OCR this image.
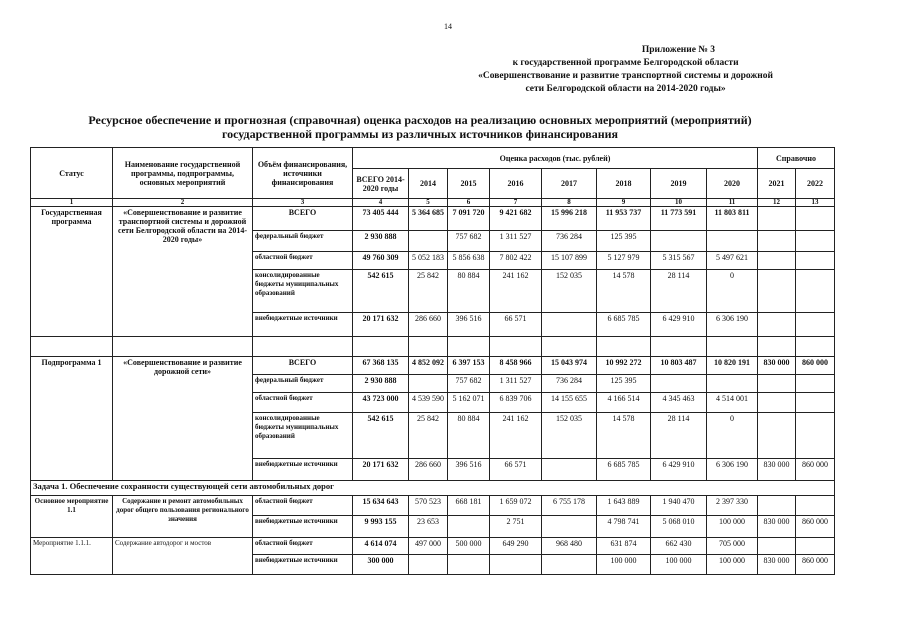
14
Приложение № 3
к государственной программе Белгородской области
«Совершенствование и развитие транспортной системы и дорожной
сети Белгородской области на 2014-2020 годы»
Ресурсное обеспечение и прогнозная (справочная) оценка расходов на реализацию основных мероприятий (мероприятий)
государственной программы из различных источников финансирования
Статус	Наименование государственной программы, подпрограммы, основных мероприятий	Объём финансирования, источники финансирования	Оценка расходов (тыс. рублей)								Справочно	
			ВСЕГО 2014-2020 годы	2014	2015	2016	2017	2018	2019	2020	2021	2022
1	2	3	4	5	6	7	8	9	10	11	12	13
Государственная программа	«Совершенствование и развитие транспортной системы и дорожной сети Белгородской области на 2014-2020 годы»	ВСЕГО	73 405 444	5 364 685	7 091 720	9 421 682	15 996 218	11 953 737	11 773 591	11 803 811		
		федеральный бюджет	2 930 888		757 682	1 311 527	736 284	125 395				
		областной бюджет	49 760 309	5 052 183	5 856 638	7 802 422	15 107 899	5 127 979	5 315 567	5 497 621		
		консолидированные бюджеты муниципальных образований	542 615	25 842	80 884	241 162	152 035	14 578	28 114	0		
		внебюджетные источники	20 171 632	286 660	396 516	66 571		6 685 785	6 429 910	6 306 190		

Подпрограмма 1	«Совершенствование и развитие дорожной сети»	ВСЕГО	67 368 135	4 852 092	6 397 153	8 458 966	15 043 974	10 992 272	10 803 487	10 820 191	830 000	860 000
		федеральный бюджет	2 930 888		757 682	1 311 527	736 284	125 395				
		областной бюджет	43 723 000	4 539 590	5 162 071	6 839 706	14 155 655	4 166 514	4 345 463	4 514 001		
		консолидированные бюджеты муниципальных образований	542 615	25 842	80 884	241 162	152 035	14 578	28 114	0		
		внебюджетные источники	20 171 632	286 660	396 516	66 571		6 685 785	6 429 910	6 306 190	830 000	860 000
Задача 1. Обеспечение сохранности существующей сети автомобильных дорог												
Основное мероприятие 1.1	Содержание и ремонт автомобильных дорог общего пользования регионального значения	областной бюджет	15 634 643	570 523	668 181	1 659 072	6 755 178	1 643 889	1 940 470	2 397 330		
		внебюджетные источники	9 993 155	23 653		2 751		4 798 741	5 068 010	100 000	830 000	860 000
Мероприятие 1.1.1.	Содержание автодорог и мостов	областной бюджет	4 614 074	497 000	500 000	649 290	968 480	631 874	662 430	705 000		
		внебюджетные источники	300 000					100 000	100 000	100 000	830 000	860 000
